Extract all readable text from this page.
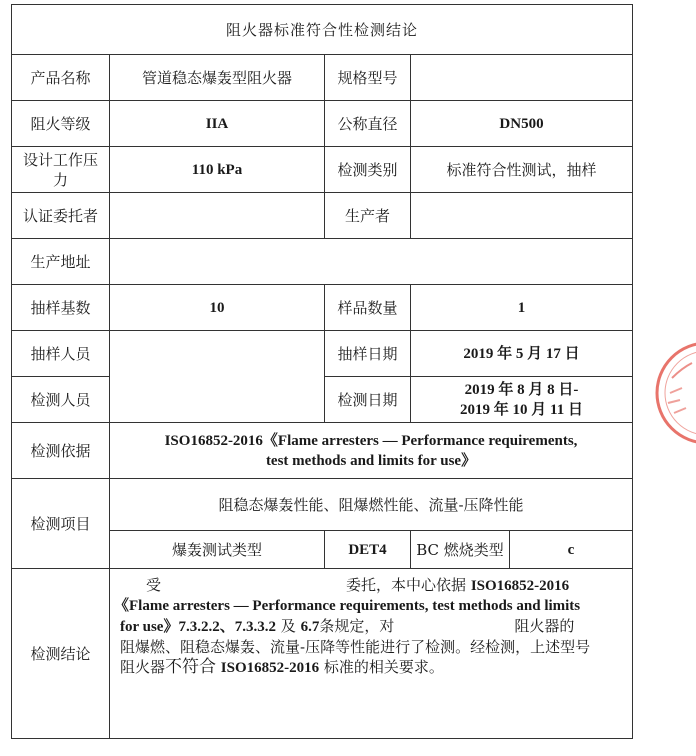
阻火器标准符合性检测结论				
产品名称	管道稳态爆轰型阻火器	规格型号		
阻火等级	IIA	公称直径	DN500	
设计工作压力	110 kPa	检测类别	标准符合性测试，抽样	
认证委托者		生产者		
生产地址				
抽样基数	10	样品数量	1	
抽样人员		抽样日期	2019 年 5 月 17 日	
检测人员		检测日期	2019 年 8 月 8 日-
2019 年 10 月 11 日	

检测依据	ISO16852-2016《Flame arresters — Performance requirements,
test methods and limits for use》			

检测项目	阻稳态爆轰性能、阻爆燃性能、流量-压降性能			
	爆轰测试类型	DET4	BC 燃烧类型	c
检测结论	受 委托，本中心依据 ISO16852-2016
《Flame arresters — Performance requirements, test methods and limits
for use》7.3.2.2、7.3.3.2 及 6.7条规定，对 阻火器的
阻爆燃、阻稳态爆轰、流量-压降等性能进行了检测。经检测，上述型号
阻火器不符合 ISO16852-2016 标准的相关要求。			
